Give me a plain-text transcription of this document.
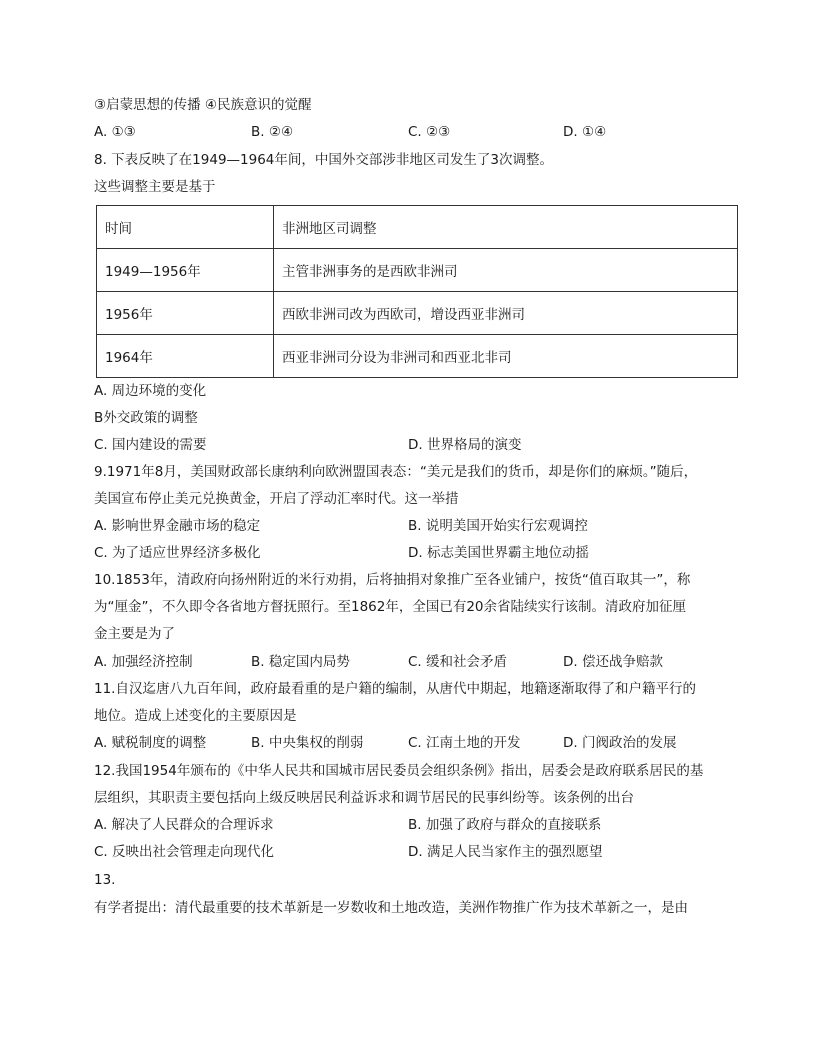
③启蒙思想的传播 ④民族意识的觉醒
A. ①③	B. ②④	C. ②③	D. ①④
8. 下表反映了在1949—1964年间，中国外交部涉非地区司发生了3次调整。
这些调整主要是基于
时间	非洲地区司调整
1949—1956年	主管非洲事务的是西欧非洲司
1956年	西欧非洲司改为西欧司，增设西亚非洲司
1964年	西亚非洲司分设为非洲司和西亚北非司
A. 周边环境的变化
B外交政策的调整
C. 国内建设的需要	D. 世界格局的演变
9.1971年8月，美国财政部长康纳利向欧洲盟国表态：“美元是我们的货币，却是你们的麻烦。”随后，
美国宣布停止美元兑换黄金，开启了浮动汇率时代。这一举措
A. 影响世界金融市场的稳定	B. 说明美国开始实行宏观调控
C. 为了适应世界经济多极化	D. 标志美国世界霸主地位动摇
10.1853年，清政府向扬州附近的米行劝捐，后将抽捐对象推广至各业铺户，按货“值百取其一”，称
为“厘金”，不久即令各省地方督抚照行。至1862年，全国已有20余省陆续实行该制。清政府加征厘
金主要是为了
A. 加强经济控制	B. 稳定国内局势	C. 缓和社会矛盾	D. 偿还战争赔款
11.自汉迄唐八九百年间，政府最看重的是户籍的编制，从唐代中期起，地籍逐渐取得了和户籍平行的
地位。造成上述变化的主要原因是
A. 赋税制度的调整	B. 中央集权的削弱	C. 江南土地的开发	D. 门阀政治的发展
12.我国1954年颁布的《中华人民共和国城市居民委员会组织条例》指出，居委会是政府联系居民的基
层组织，其职责主要包括向上级反映居民利益诉求和调节居民的民事纠纷等。该条例的出台
A. 解决了人民群众的合理诉求	B. 加强了政府与群众的直接联系
C. 反映出社会管理走向现代化	D. 满足人民当家作主的强烈愿望
13.
有学者提出：清代最重要的技术革新是一岁数收和土地改造，美洲作物推广作为技术革新之一，是由
